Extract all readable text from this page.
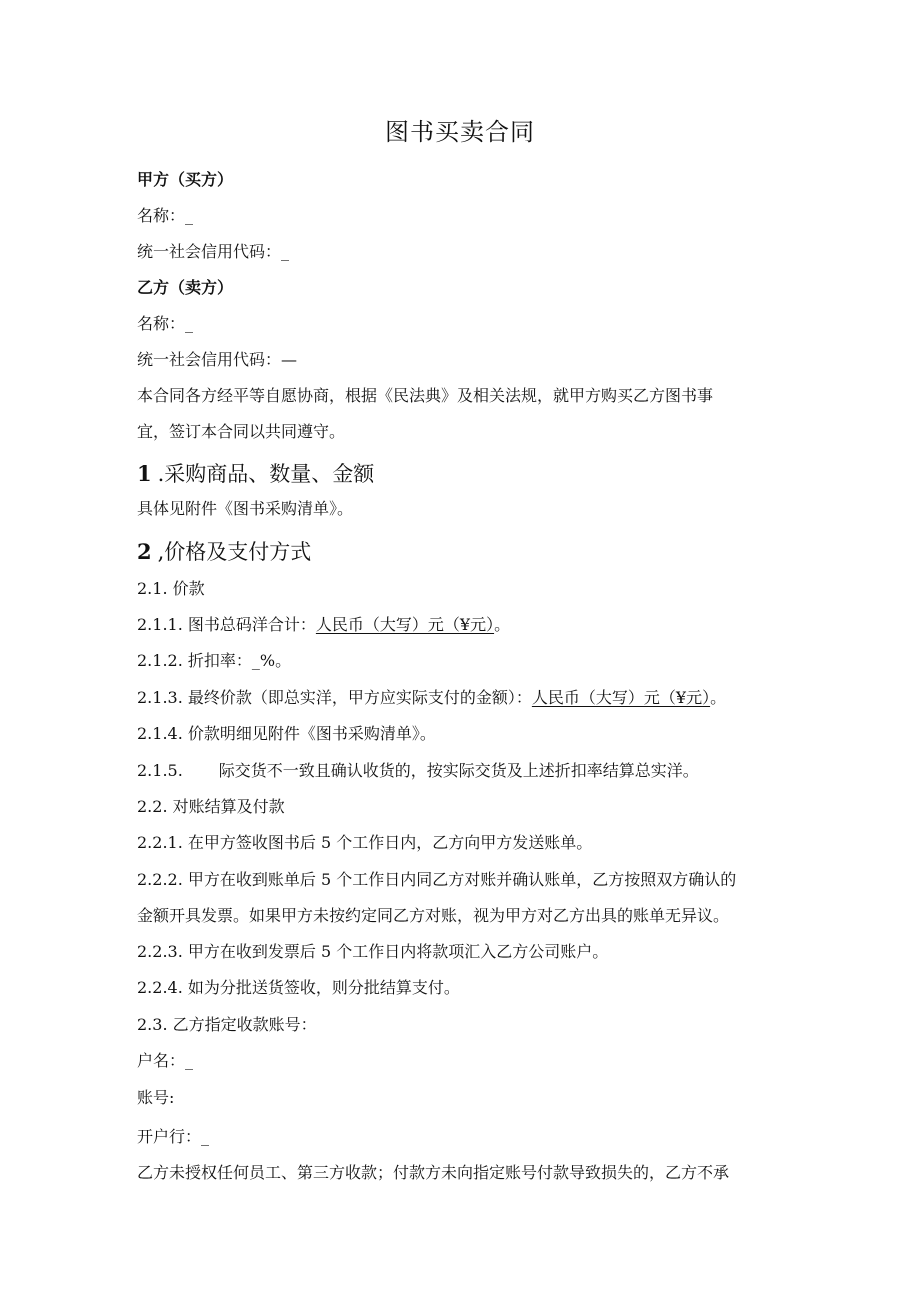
图书买卖合同
甲方（买方）
名称：_
统一社会信用代码：_
乙方（卖方）
名称：_
统一社会信用代码：—
本合同各方经平等自愿协商，根据《民法典》及相关法规，就甲方购买乙方图书事
宜，签订本合同以共同遵守。
1 .采购商品、数量、金额
具体见附件《图书采购清单》。
2 ,价格及支付方式
2.1. 价款
2.1.1. 图书总码洋合计：人民币（大写）元（¥元）。
2.1.2. 折扣率：_%。
2.1.3. 最终价款（即总实洋，甲方应实际支付的金额）：人民币（大写）元（¥元）。
2.1.4. 价款明细见附件《图书采购清单》。
2.1.5. 际交货不一致且确认收货的，按实际交货及上述折扣率结算总实洋。
2.2. 对账结算及付款
2.2.1. 在甲方签收图书后 5 个工作日内，乙方向甲方发送账单。
2.2.2. 甲方在收到账单后 5 个工作日内同乙方对账并确认账单，乙方按照双方确认的
金额开具发票。如果甲方未按约定同乙方对账，视为甲方对乙方出具的账单无异议。
2.2.3. 甲方在收到发票后 5 个工作日内将款项汇入乙方公司账户。
2.2.4. 如为分批送货签收，则分批结算支付。
2.3. 乙方指定收款账号：
户名：_
账号:
开户行：_
乙方未授权任何员工、第三方收款；付款方未向指定账号付款导致损失的，乙方不承
